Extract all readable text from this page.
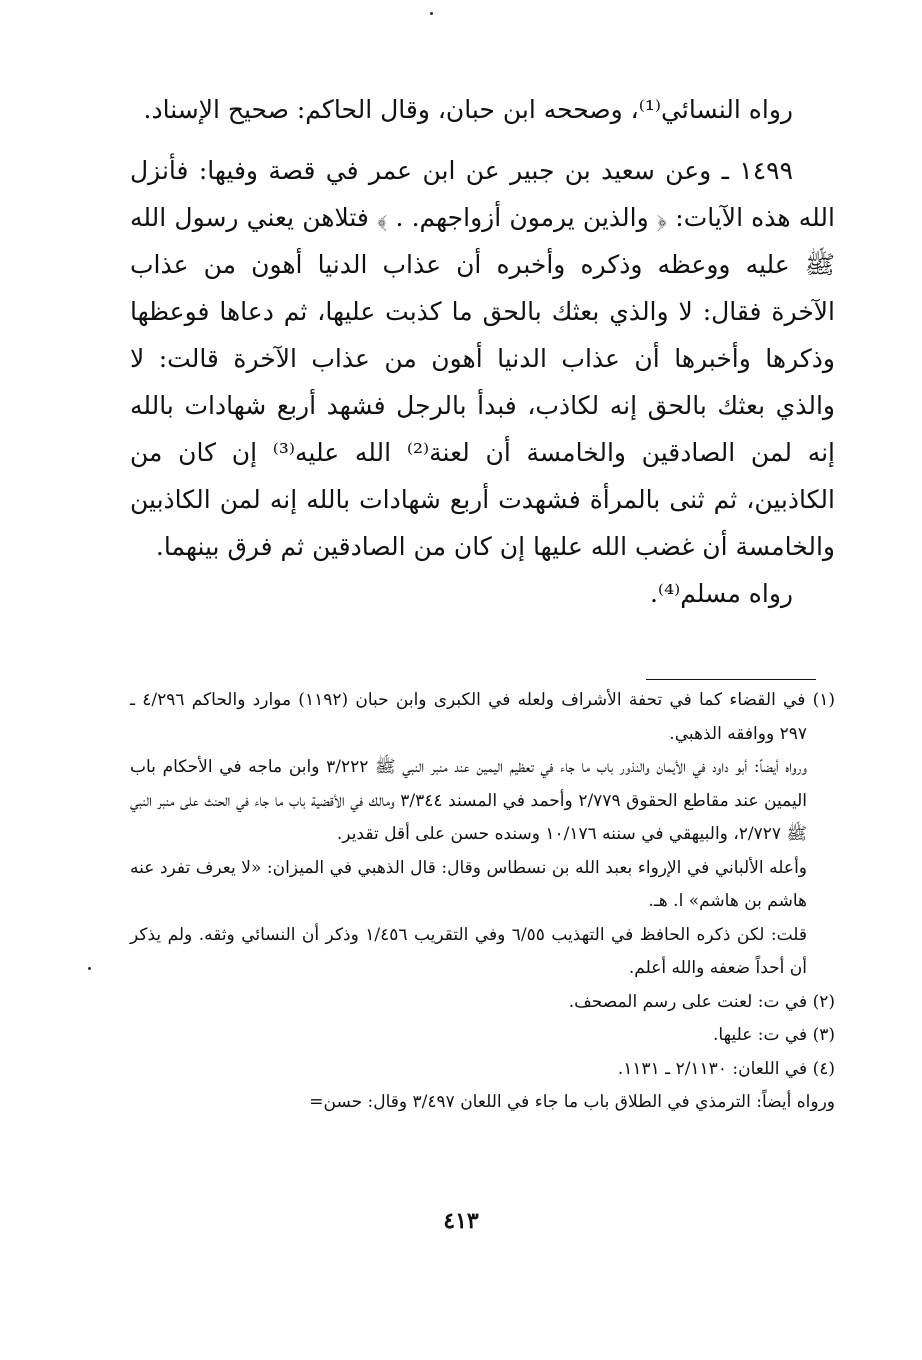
رواه النسائي⁽¹⁾، وصححه ابن حبان، وقال الحاكم: صحيح الإسناد.

١٤٩٩ ـ وعن سعيد بن جبير عن ابن عمر في قصة وفيها: فأنزل الله هذه الآيات: ﴿ والذين يرمون أزواجهم. . ﴾ فتلاهن يعني رسول الله ﷺ عليه ووعظه وذكره وأخبره أن عذاب الدنيا أهون من عذاب الآخرة فقال: لا والذي بعثك بالحق ما كذبت عليها، ثم دعاها فوعظها وذكرها وأخبرها أن عذاب الدنيا أهون من عذاب الآخرة قالت: لا والذي بعثك بالحق إنه لكاذب، فبدأ بالرجل فشهد أربع شهادات بالله إنه لمن الصادقين والخامسة أن لعنة⁽²⁾ الله عليه⁽³⁾ إن كان من الكاذبين، ثم ثنى بالمرأة فشهدت أربع شهادات بالله إنه لمن الكاذبين والخامسة أن غضب الله عليها إن كان من الصادقين ثم فرق بينهما.

رواه مسلم⁽⁴⁾.

(١) في القضاء كما في تحفة الأشراف ولعله في الكبرى وابن حبان (١١٩٢) موارد والحاكم ٤/٢٩٦ ـ ٢٩٧ ووافقه الذهبي.

ورواه أيضاً: أبو داود في الأيمان والنذور باب ما جاء في تعظيم اليمين عند منبر النبي ﷺ ٣/٢٢٢ وابن ماجه في الأحكام باب اليمين عند مقاطع الحقوق ٢/٧٧٩ وأحمد في المسند ٣/٣٤٤ ومالك في الأقضية باب ما جاء في الحنث على منبر النبي ﷺ ٢/٧٢٧، والبيهقي في سننه ١٠/١٧٦ وسنده حسن على أقل تقدير.

وأعله الألباني في الإرواء بعبد الله بن نسطاس وقال: قال الذهبي في الميزان: «لا يعرف تفرد عنه هاشم بن هاشم» ا. هـ.

قلت: لكن ذكره الحافظ في التهذيب ٦/٥٥ وفي التقريب ١/٤٥٦ وذكر أن النسائي وثقه. ولم يذكر أن أحداً ضعفه والله أعلم.

(٢) في ت: لعنت على رسم المصحف.

(٣) في ت: عليها.

(٤) في اللعان: ٢/١١٣٠ ـ ١١٣١.

ورواه أيضاً: الترمذي في الطلاق باب ما جاء في اللعان ٣/٤٩٧ وقال: حسن=

٤١٣
